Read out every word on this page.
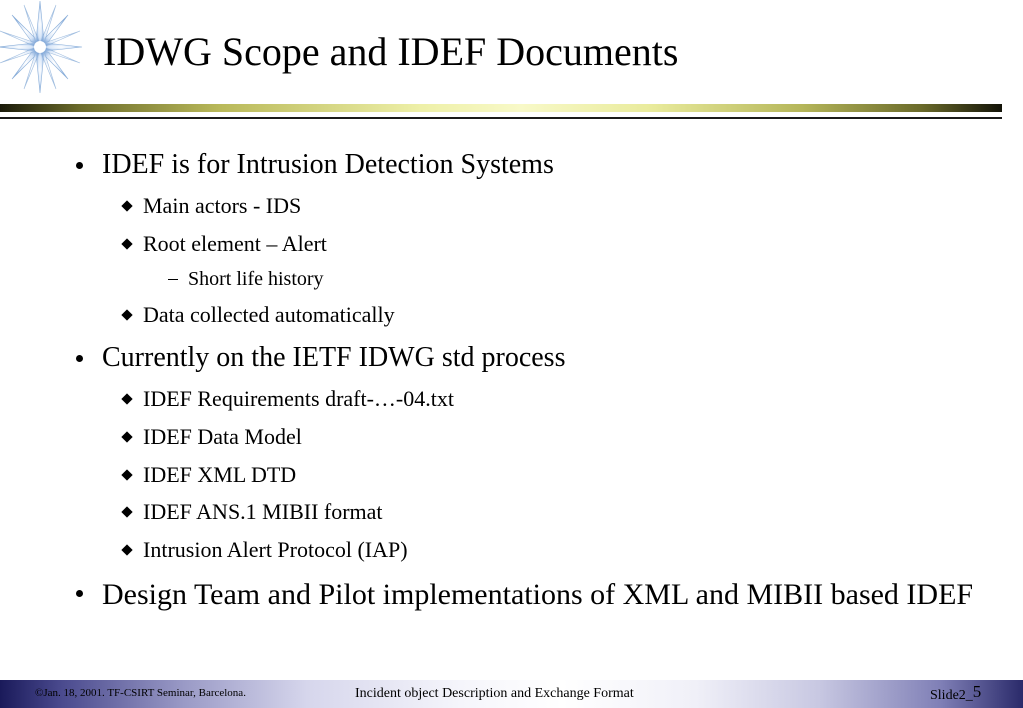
IDWG Scope and IDEF Documents
IDEF is for Intrusion Detection Systems
Main actors - IDS
Root element – Alert
Short life history
Data collected automatically
Currently on the IETF IDWG std process
IDEF Requirements draft-…-04.txt
IDEF Data Model
IDEF XML DTD
IDEF ANS.1 MIBII format
Intrusion Alert Protocol (IAP)
Design Team and Pilot implementations of XML and MIBII based IDEF
©Jan. 18, 2001. TF-CSIRT Seminar, Barcelona.	Incident object Description and Exchange Format	Slide2_5
